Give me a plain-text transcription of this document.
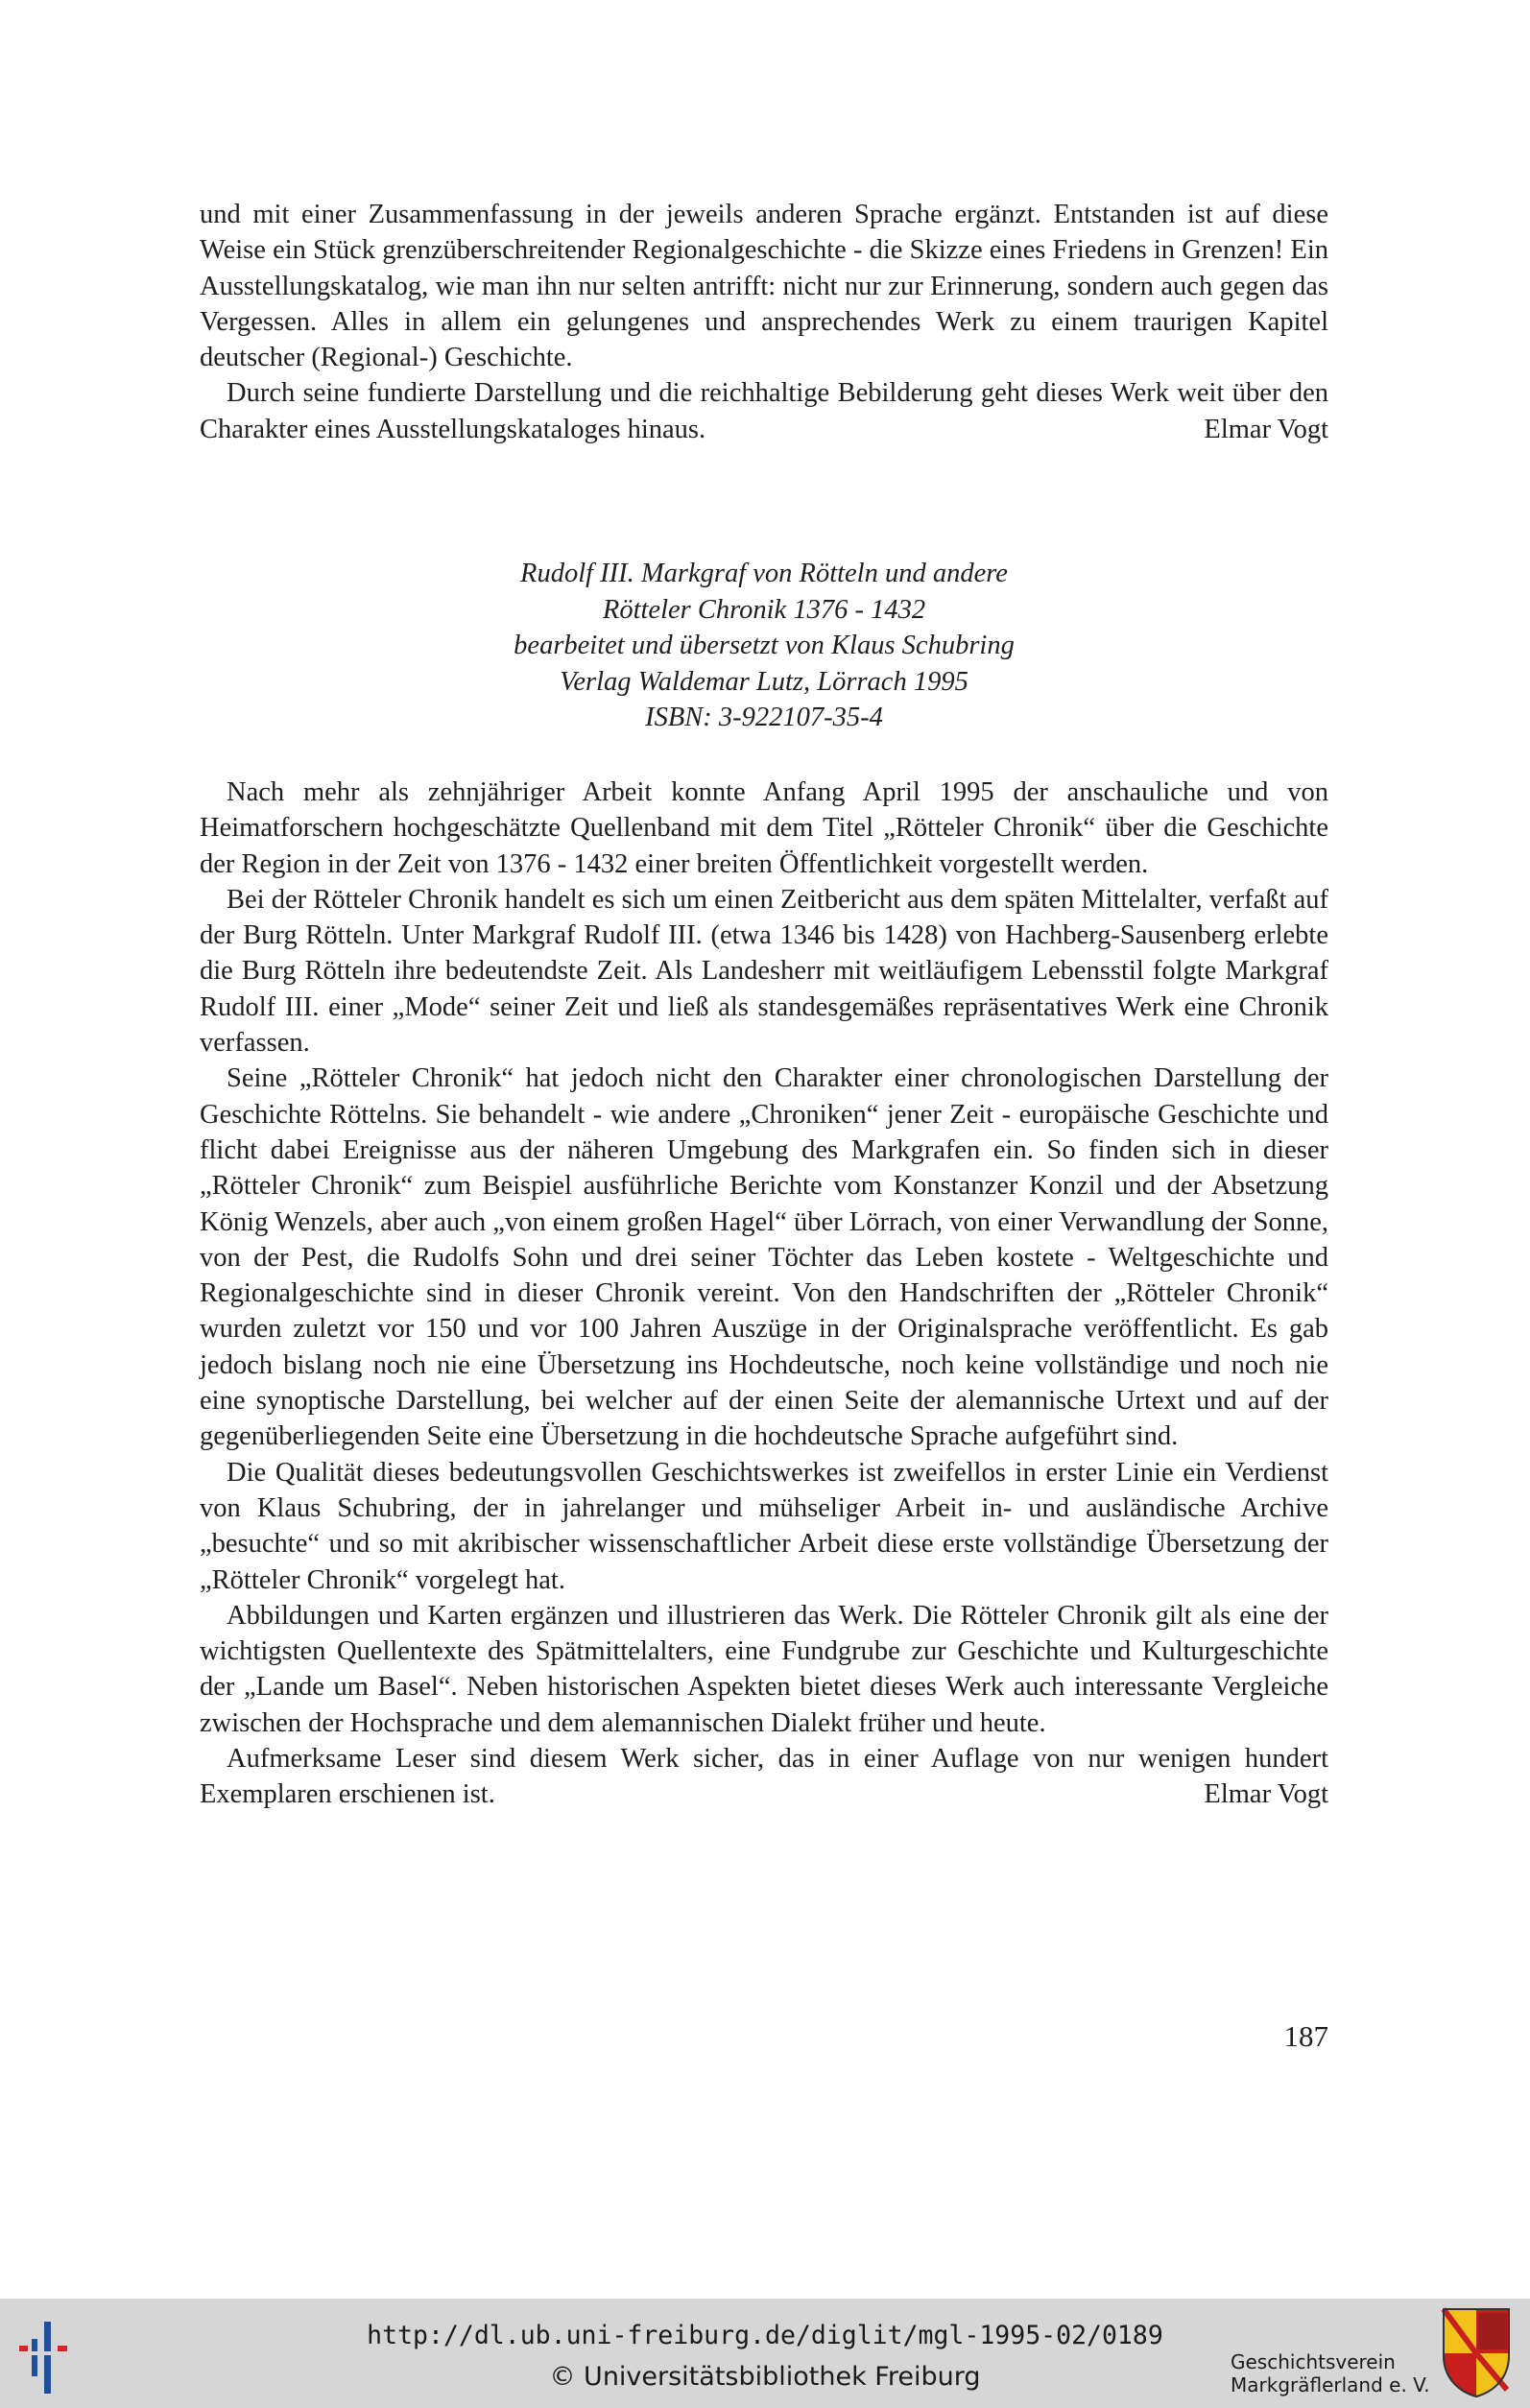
und mit einer Zusammenfassung in der jeweils anderen Sprache ergänzt. Entstanden ist auf diese Weise ein Stück grenzüberschreitender Regionalgeschichte - die Skizze eines Friedens in Grenzen! Ein Ausstellungskatalog, wie man ihn nur selten antrifft: nicht nur zur Erinnerung, sondern auch gegen das Vergessen. Alles in allem ein gelungenes und ansprechendes Werk zu einem traurigen Kapitel deutscher (Regional-) Geschichte.

Durch seine fundierte Darstellung und die reichhaltige Bebilderung geht dieses Werk weit über den Charakter eines Ausstellungskataloges hinaus.	Elmar Vogt

Rudolf III. Markgraf von Rötteln und andere
Rötteler Chronik 1376 - 1432
bearbeitet und übersetzt von Klaus Schubring
Verlag Waldemar Lutz, Lörrach 1995
ISBN: 3-922107-35-4

Nach mehr als zehnjähriger Arbeit konnte Anfang April 1995 der anschauliche und von Heimatforschern hochgeschätzte Quellenband mit dem Titel „Rötteler Chronik“ über die Geschichte der Region in der Zeit von 1376 - 1432 einer breiten Öffentlichkeit vorgestellt werden.

Bei der Rötteler Chronik handelt es sich um einen Zeitbericht aus dem späten Mittelalter, verfaßt auf der Burg Rötteln. Unter Markgraf Rudolf III. (etwa 1346 bis 1428) von Hachberg-Sausenberg erlebte die Burg Rötteln ihre bedeutendste Zeit. Als Landesherr mit weitläufigem Lebensstil folgte Markgraf Rudolf III. einer „Mode“ seiner Zeit und ließ als standesgemäßes repräsentatives Werk eine Chronik verfassen.

Seine „Rötteler Chronik“ hat jedoch nicht den Charakter einer chronologischen Darstellung der Geschichte Röttelns. Sie behandelt - wie andere „Chroniken“ jener Zeit - europäische Geschichte und flicht dabei Ereignisse aus der näheren Umgebung des Markgrafen ein. So finden sich in dieser „Rötteler Chronik“ zum Beispiel ausführliche Berichte vom Konstanzer Konzil und der Absetzung König Wenzels, aber auch „von einem großen Hagel“ über Lörrach, von einer Verwandlung der Sonne, von der Pest, die Rudolfs Sohn und drei seiner Töchter das Leben kostete - Weltgeschichte und Regionalgeschichte sind in dieser Chronik vereint. Von den Handschriften der „Rötteler Chronik“ wurden zuletzt vor 150 und vor 100 Jahren Auszüge in der Originalsprache veröffentlicht. Es gab jedoch bislang noch nie eine Übersetzung ins Hochdeutsche, noch keine vollständige und noch nie eine synoptische Darstellung, bei welcher auf der einen Seite der alemannische Urtext und auf der gegenüberliegenden Seite eine Übersetzung in die hochdeutsche Sprache aufgeführt sind.

Die Qualität dieses bedeutungsvollen Geschichtswerkes ist zweifellos in erster Linie ein Verdienst von Klaus Schubring, der in jahrelanger und mühseliger Arbeit in- und ausländische Archive „besuchte“ und so mit akribischer wissenschaftlicher Arbeit diese erste vollständige Übersetzung der „Rötteler Chronik“ vorgelegt hat.

Abbildungen und Karten ergänzen und illustrieren das Werk. Die Rötteler Chronik gilt als eine der wichtigsten Quellentexte des Spätmittelalters, eine Fundgrube zur Geschichte und Kulturgeschichte der „Lande um Basel“. Neben historischen Aspekten bietet dieses Werk auch interessante Vergleiche zwischen der Hochsprache und dem alemannischen Dialekt früher und heute.

Aufmerksame Leser sind diesem Werk sicher, das in einer Auflage von nur wenigen hundert Exemplaren erschienen ist.	Elmar Vogt

187
http://dl.ub.uni-freiburg.de/diglit/mgl-1995-02/0189
© Universitätsbibliothek Freiburg	Geschichtsverein
Markgräflerland e. V.
